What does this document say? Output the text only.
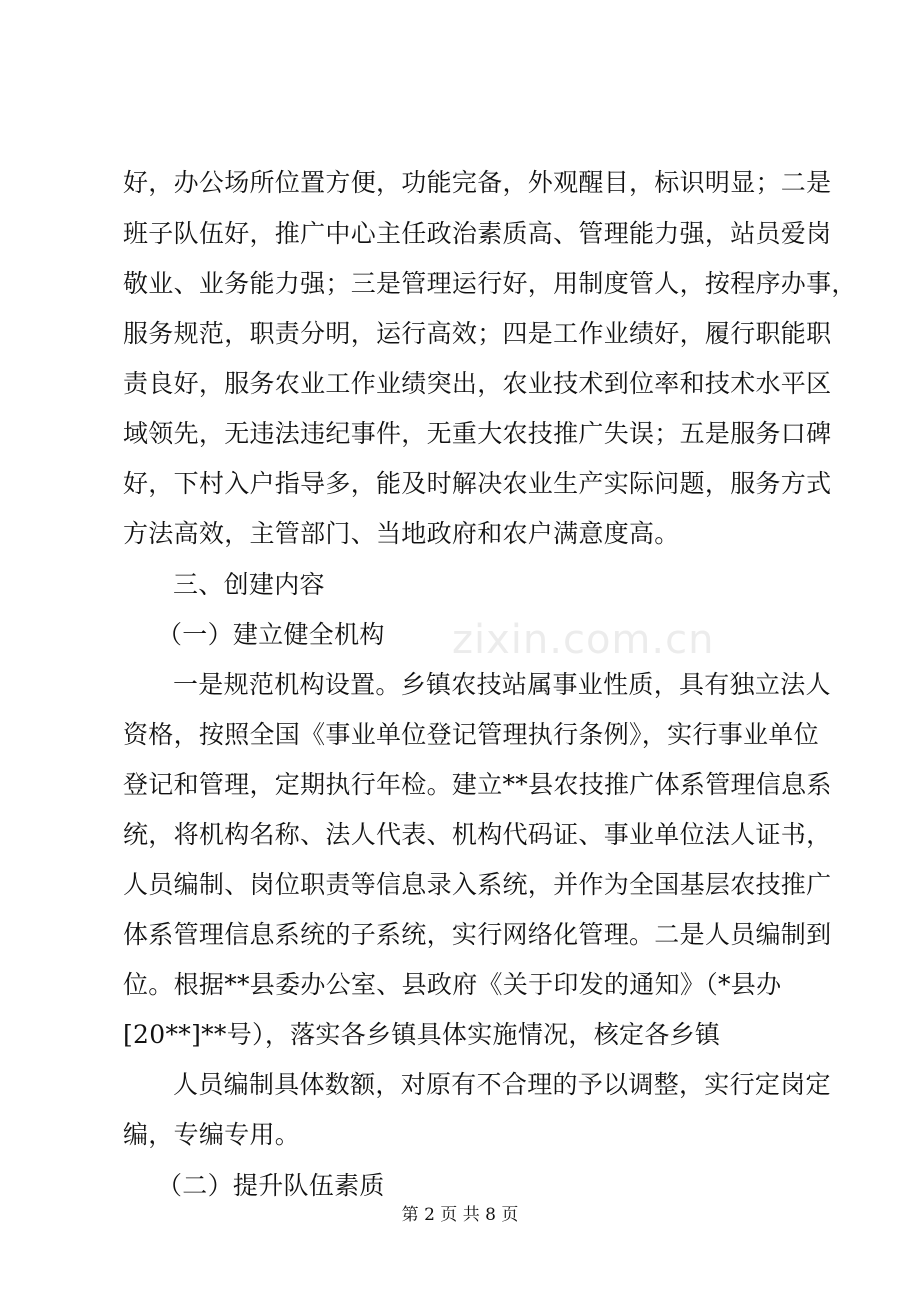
好，办公场所位置方便，功能完备，外观醒目，标识明显；二是
班子队伍好，推广中心主任政治素质高、管理能力强，站员爱岗
敬业、业务能力强；三是管理运行好，用制度管人，按程序办事，
服务规范，职责分明，运行高效；四是工作业绩好，履行职能职
责良好，服务农业工作业绩突出，农业技术到位率和技术水平区
域领先，无违法违纪事件，无重大农技推广失误；五是服务口碑
好，下村入户指导多，能及时解决农业生产实际问题，服务方式
方法高效，主管部门、当地政府和农户满意度高。
三、创建内容
（一）建立健全机构
一是规范机构设置。乡镇农技站属事业性质，具有独立法人
资格，按照全国《事业单位登记管理执行条例》，实行事业单位
登记和管理，定期执行年检。建立**县农技推广体系管理信息系
统，将机构名称、法人代表、机构代码证、事业单位法人证书，
人员编制、岗位职责等信息录入系统，并作为全国基层农技推广
体系管理信息系统的子系统，实行网络化管理。二是人员编制到
位。根据**县委办公室、县政府《关于印发的通知》（*县办
[20**]**号），落实各乡镇具体实施情况，核定各乡镇
人员编制具体数额，对原有不合理的予以调整，实行定岗定
编，专编专用。
（二）提升队伍素质
zixin.com.cn
第 2 页 共 8 页
